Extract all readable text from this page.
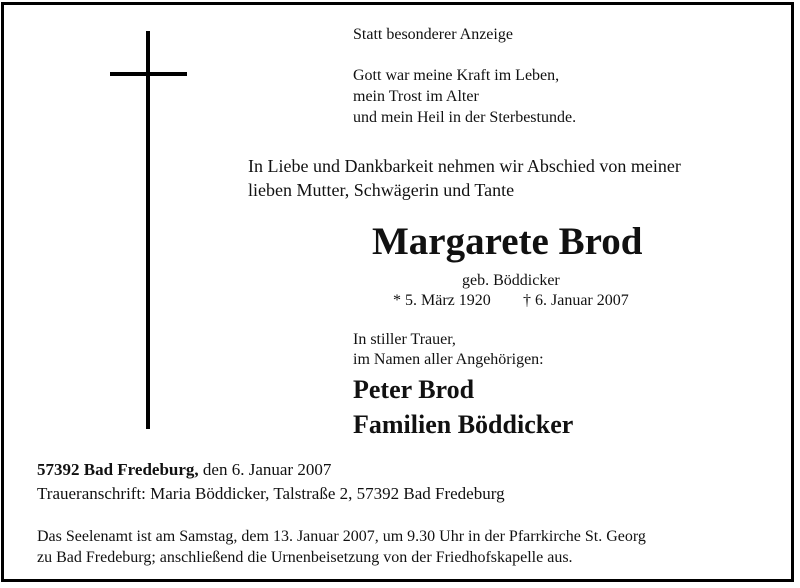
Statt besonderer Anzeige

Gott war meine Kraft im Leben,

mein Trost im Alter

und mein Heil in der Sterbestunde.

In Liebe und Dankbarkeit nehmen wir Abschied von meiner

lieben Mutter, Schwägerin und Tante

Margarete Brod

geb. Böddicker

* 5. März 1920 † 6. Januar 2007

In stiller Trauer,

im Namen aller Angehörigen:

Peter Brod

Familien Böddicker

57392 Bad Fredeburg, den 6. Januar 2007

Traueranschrift: Maria Böddicker, Talstraße 2, 57392 Bad Fredeburg

Das Seelenamt ist am Samstag, dem 13. Januar 2007, um 9.30 Uhr in der Pfarrkirche St. Georg

zu Bad Fredeburg; anschließend die Urnenbeisetzung von der Friedhofskapelle aus.
